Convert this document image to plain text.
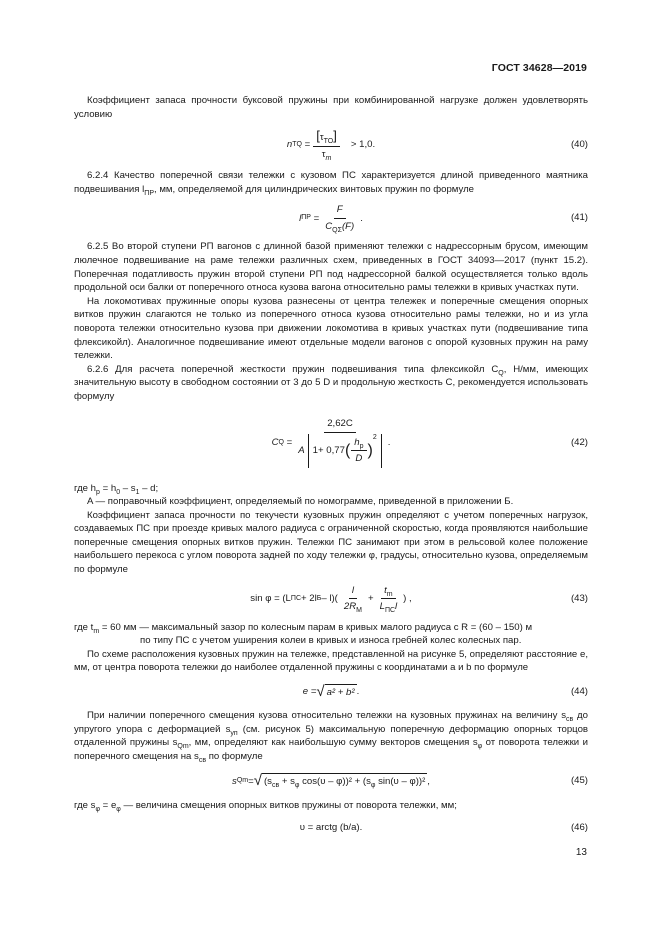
ГОСТ 34628—2019

Коэффициент запаса прочности буксовой пружины при комбинированной нагрузке должен удовлетворять условию

n TQ = $\frac{[\tau_{TO}]}{\tau_m}$
> 1,0.	(40)

6.2.4 Качество поперечной связи тележки с кузовом ПС характеризуется длиной приведенного маятника подвешивания $l_{ПР}$, мм, определяемой для цилиндрических винтовых пружин по формуле

l ПР = $\frac{F}{C_{Q\Sigma}(F)}$ .	(41)

6.2.5 Во второй ступени РП вагонов с длинной базой применяют тележки с надрессорным брусом, имеющим люлечное подвешивание на раме тележки различных схем, приведенных в ГОСТ 34093—2017 (пункт 15.2). Поперечная податливость пружин второй ступени РП под надрессорной балкой осуществляется только вдоль продольной оси балки от поперечного относа кузова вагона относительно рамы тележки в кривых участках пути.

На локомотивах пружинные опоры кузова разнесены от центра тележек и поперечные смещения опорных витков пружин слагаются не только из поперечного относа кузова относительно рамы тележки, но и из угла поворота тележки относительно кузова при движении локомотива в кривых участках пути (подвешивание типа флексикойл). Аналогичное подвешивание имеют отдельные модели вагонов с опорой кузовных пружин на раму тележки.

6.2.6 Для расчета поперечной жесткости пружин подвешивания типа флексикойл $C_Q$, Н/мм, имеющих значительную высоту в свободном состоянии от 3 до 5 D и продольную жесткость C, рекомендуется использовать формулу

C Q =
2,62C
A 1+ 0,77 ( $\frac{h_p}{D}$ )
2 .	(42)

где $h_p = h_0 - s_1 - d$;

A — поправочный коэффициент, определяемый по номограмме, приведенной в приложении Б.

Коэффициент запаса прочности по текучести кузовных пружин определяют с учетом поперечных нагрузок, создаваемых ПС при проезде кривых малого радиуса с ограниченной скоростью, когда проявляются наибольшие поперечные смещения опорных витков пружин. Тележки ПС занимают при этом в рельсовой колее положение наибольшего перекоса с углом поворота задней по ходу тележки φ, градусы, относительно кузова, определяемым по формуле

sin φ = (L ПС + 2l $Б - l)( \frac{l}{2R_M} + \frac{t_m}{L_{ПС}l}$ ) ,	(43)

где $t_m = 60$ мм — максимальный зазор по колесным парам в кривых малого радиуса с R = (60 – 150) м

по типу ПС с учетом уширения колеи в кривых и износа гребней колес колесных пар.

По схеме расположения кузовных пружин на тележке, представленной на рисунке 5, определяют расстояние e, мм, от центра поворота тележки до наиболее отдаленной пружины с координатами a и b по формуле

e = √ a² + b² .	(44)

При наличии поперечного смещения кузова относительно тележки на кузовных пружинах на величину $s_{св}$ до упругого упора с деформацией $s_{уп}$ (см. рисунок 5) максимальную поперечную деформацию опорных торцов отдаленной пружины $s_{Qm}$, мм, определяют как наибольшую сумму векторов смещения $s_\varphi$ от поворота тележки и поперечного смещения на $s_{св}$ по формуле

s Qm = √ ($s_{св} + s_\varphi$ $\cos(\upsilon - \varphi))^2 + (s_\varphi$ sin(υ – φ))² ,	(45)

где $s_\varphi = e_\varphi$ — величина смещения опорных витков пружины от поворота тележки, мм;

υ = arctg (b/a).	(46)
13
